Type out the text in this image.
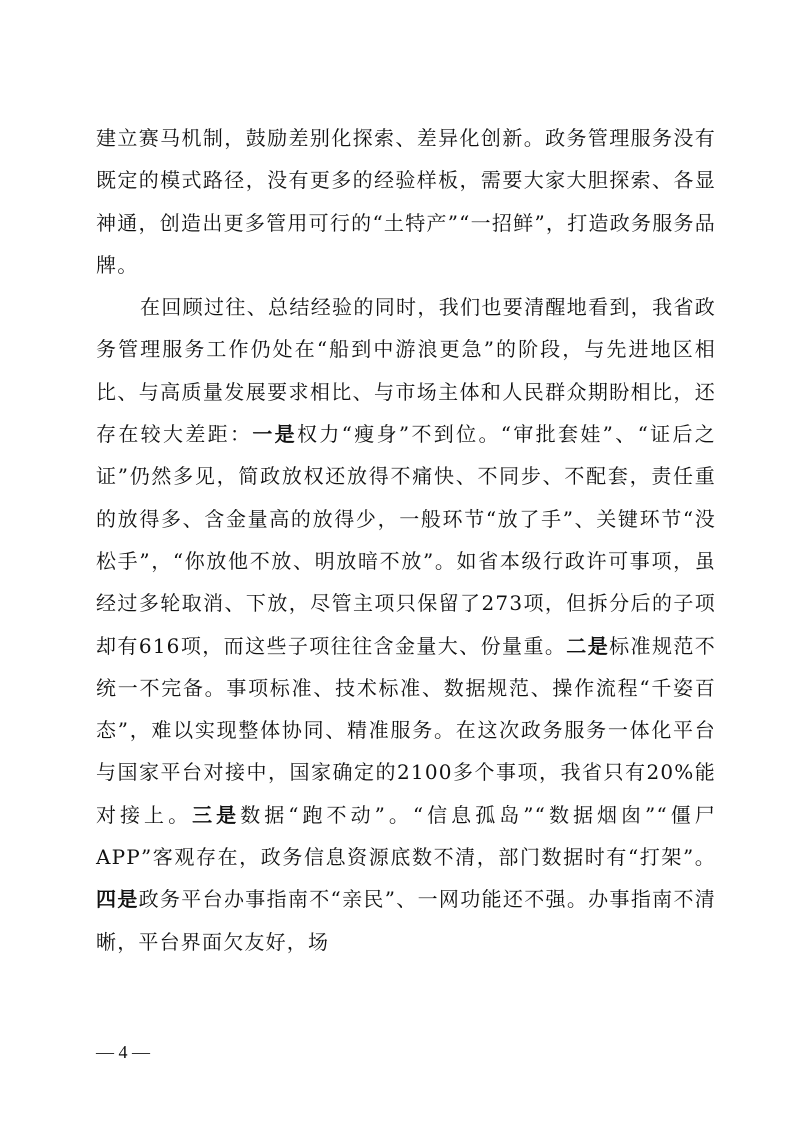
建立赛马机制，鼓励差别化探索、差异化创新。政务管理服务没有既定的模式路径，没有更多的经验样板，需要大家大胆探索、各显神通，创造出更多管用可行的“土特产”“一招鲜”，打造政务服务品牌。

在回顾过往、总结经验的同时，我们也要清醒地看到，我省政务管理服务工作仍处在“船到中游浪更急”的阶段，与先进地区相比、与高质量发展要求相比、与市场主体和人民群众期盼相比，还存在较大差距：一是权力“瘦身”不到位。“审批套娃”、“证后之证”仍然多见，简政放权还放得不痛快、不同步、不配套，责任重的放得多、含金量高的放得少，一般环节“放了手”、关键环节“没松手”，“你放他不放、明放暗不放”。如省本级行政许可事项，虽经过多轮取消、下放，尽管主项只保留了273项，但拆分后的子项却有616项，而这些子项往往含金量大、份量重。二是标准规范不统一不完备。事项标准、技术标准、数据规范、操作流程“千姿百态”，难以实现整体协同、精准服务。在这次政务服务一体化平台与国家平台对接中，国家确定的2100多个事项，我省只有20%能对接上。三是数据“跑不动”。“信息孤岛”“数据烟囱”“僵尸APP”客观存在，政务信息资源底数不清，部门数据时有“打架”。四是政务平台办事指南不“亲民”、一网功能还不强。办事指南不清晰，平台界面欠友好，场

— 4 —
